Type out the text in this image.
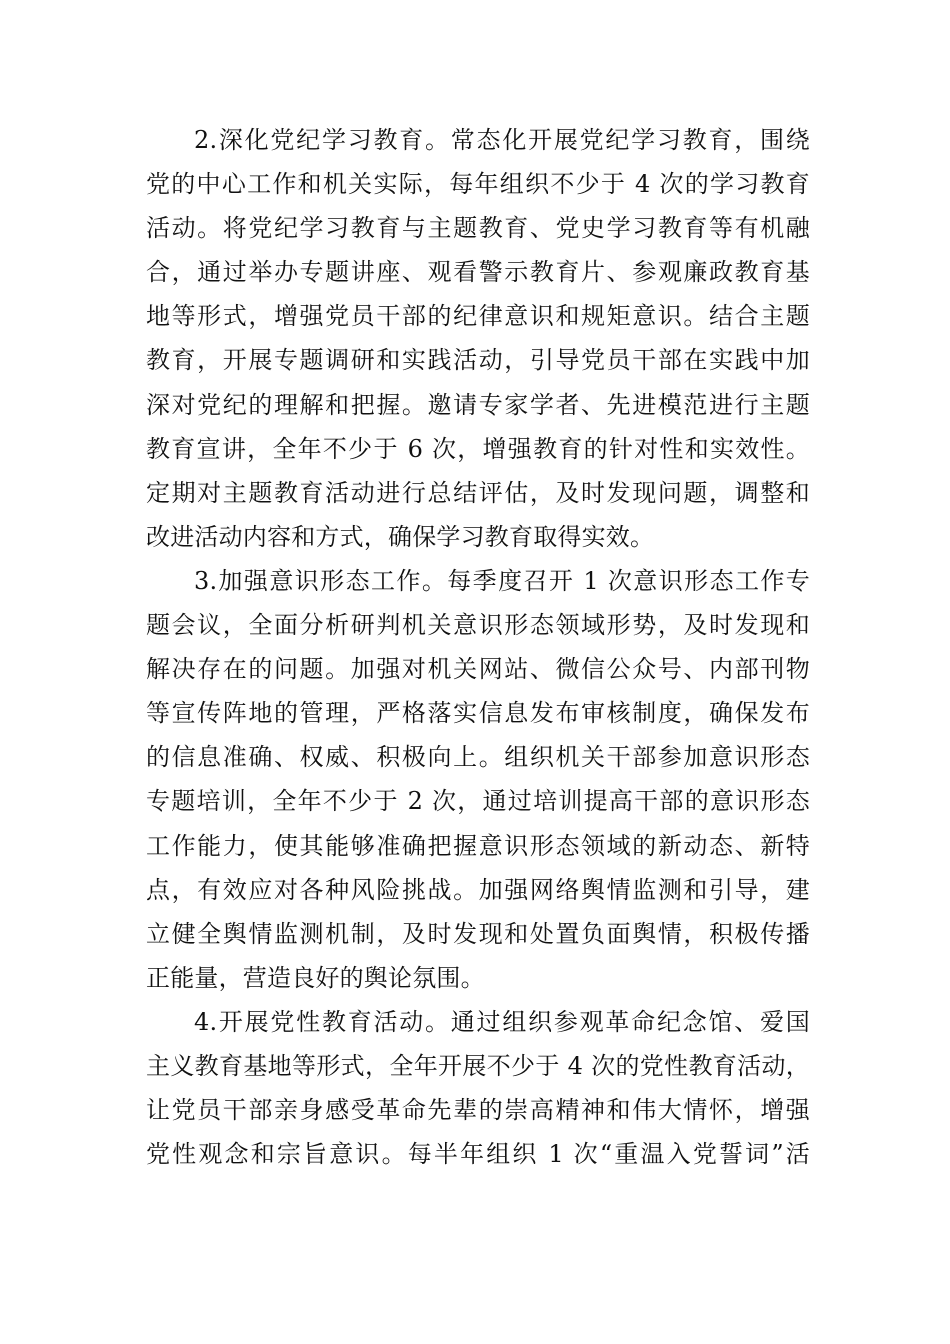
2.深化党纪学习教育。常态化开展党纪学习教育，围绕
党的中心工作和机关实际，每年组织不少于 4 次的学习教育
活动。将党纪学习教育与主题教育、党史学习教育等有机融
合，通过举办专题讲座、观看警示教育片、参观廉政教育基
地等形式，增强党员干部的纪律意识和规矩意识。结合主题
教育，开展专题调研和实践活动，引导党员干部在实践中加
深对党纪的理解和把握。邀请专家学者、先进模范进行主题
教育宣讲，全年不少于 6 次，增强教育的针对性和实效性。
定期对主题教育活动进行总结评估，及时发现问题，调整和
改进活动内容和方式，确保学习教育取得实效。
3.加强意识形态工作。每季度召开 1 次意识形态工作专
题会议，全面分析研判机关意识形态领域形势，及时发现和
解决存在的问题。加强对机关网站、微信公众号、内部刊物
等宣传阵地的管理，严格落实信息发布审核制度，确保发布
的信息准确、权威、积极向上。组织机关干部参加意识形态
专题培训，全年不少于 2 次，通过培训提高干部的意识形态
工作能力，使其能够准确把握意识形态领域的新动态、新特
点，有效应对各种风险挑战。加强网络舆情监测和引导，建
立健全舆情监测机制，及时发现和处置负面舆情，积极传播
正能量，营造良好的舆论氛围。
4.开展党性教育活动。通过组织参观革命纪念馆、爱国
主义教育基地等形式，全年开展不少于 4 次的党性教育活动，
让党员干部亲身感受革命先辈的崇高精神和伟大情怀，增强
党性观念和宗旨意识。每半年组织 1 次“重温入党誓词”活
